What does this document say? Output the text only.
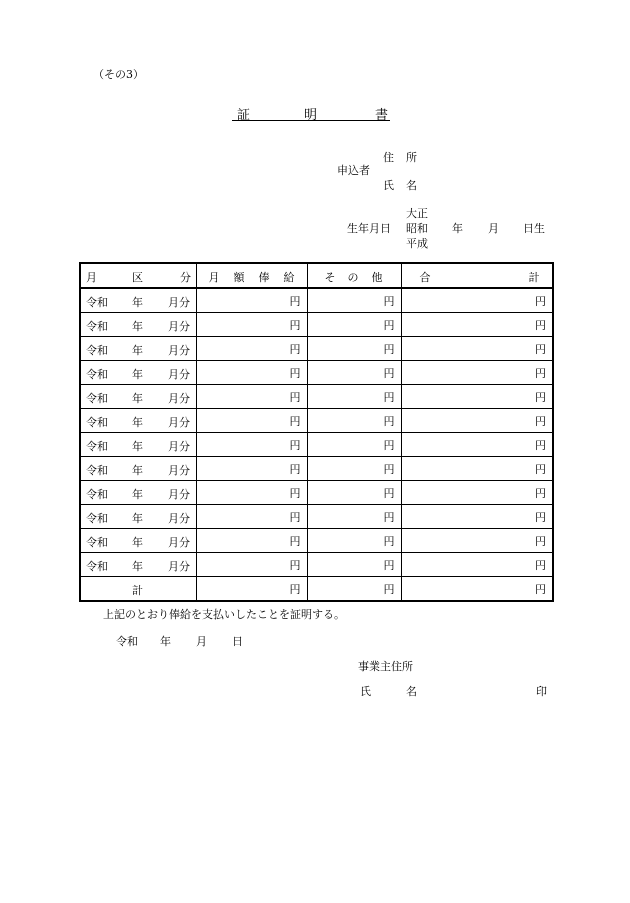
（その3）
証	明	書
住 所
申込者
氏 名
大正
生年月日 昭和 年 月 日生
平成
月 区 分	月 額 俸 給	そ の 他	合 計

令和 年 月分	円	円	円

令和 年 月分	円	円	円

令和 年 月分	円	円	円

令和 年 月分	円	円	円

令和 年 月分	円	円	円

令和 年 月分	円	円	円

令和 年 月分	円	円	円

令和 年 月分	円	円	円

令和 年 月分	円	円	円

令和 年 月分	円	円	円

令和 年 月分	円	円	円

令和 年 月分	円	円	円

計	円	円	円
上記のとおり俸給を支払いしたことを証明する。
令和 年 月 日
事業主住所
氏	名	印
